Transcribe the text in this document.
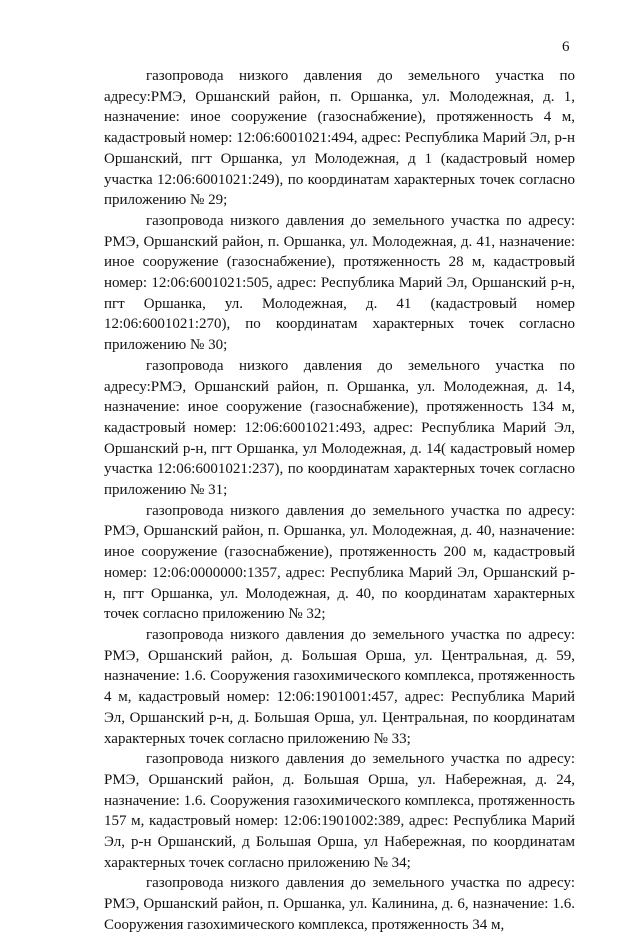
6

газопровода низкого давления до земельного участка по адресу:РМЭ, Оршанский район, п. Оршанка, ул. Молодежная, д. 1, назначение: иное сооружение (газоснабжение), протяженность 4 м, кадастровый номер: 12:06:6001021:494, адрес: Республика Марий Эл, р-н Оршанский, пгт Оршанка, ул Молодежная, д 1 (кадастровый номер участка 12:06:6001021:249), по координатам характерных точек согласно приложению № 29;

газопровода низкого давления до земельного участка по адресу: РМЭ, Оршанский район, п. Оршанка, ул. Молодежная, д. 41, назначение: иное сооружение (газоснабжение), протяженность 28 м, кадастровый номер: 12:06:6001021:505, адрес: Республика Марий Эл, Оршанский р-н, пгт Оршанка, ул. Молодежная, д. 41 (кадастровый номер 12:06:6001021:270), по координатам характерных точек согласно приложению № 30;

газопровода низкого давления до земельного участка по адресу:РМЭ, Оршанский район, п. Оршанка, ул. Молодежная, д. 14, назначение: иное сооружение (газоснабжение), протяженность 134 м, кадастровый номер: 12:06:6001021:493, адрес: Республика Марий Эл, Оршанский р-н, пгт Оршанка, ул Молодежная, д. 14( кадастровый номер участка 12:06:6001021:237), по координатам характерных точек согласно приложению № 31;

газопровода низкого давления до земельного участка по адресу: РМЭ, Оршанский район, п. Оршанка, ул. Молодежная, д. 40, назначение: иное сооружение (газоснабжение), протяженность 200 м, кадастровый номер: 12:06:0000000:1357, адрес: Республика Марий Эл, Оршанский р-н, пгт Оршанка, ул. Молодежная, д. 40, по координатам характерных точек согласно приложению № 32;

газопровода низкого давления до земельного участка по адресу: РМЭ, Оршанский район, д. Большая Орша, ул. Центральная, д. 59, назначение: 1.6. Сооружения газохимического комплекса, протяженность 4 м, кадастровый номер: 12:06:1901001:457, адрес: Республика Марий Эл, Оршанский р-н, д. Большая Орша, ул. Центральная, по координатам характерных точек согласно приложению № 33;

газопровода низкого давления до земельного участка по адресу: РМЭ, Оршанский район, д. Большая Орша, ул. Набережная, д. 24, назначение: 1.6. Сооружения газохимического комплекса, протяженность 157 м, кадастровый номер: 12:06:1901002:389, адрес: Республика Марий Эл, р-н Оршанский, д Большая Орша, ул Набережная, по координатам характерных точек согласно приложению № 34;

газопровода низкого давления до земельного участка по адресу: РМЭ, Оршанский район, п. Оршанка, ул. Калинина, д. 6, назначение: 1.6. Сооружения газохимического комплекса, протяженность 34 м,
